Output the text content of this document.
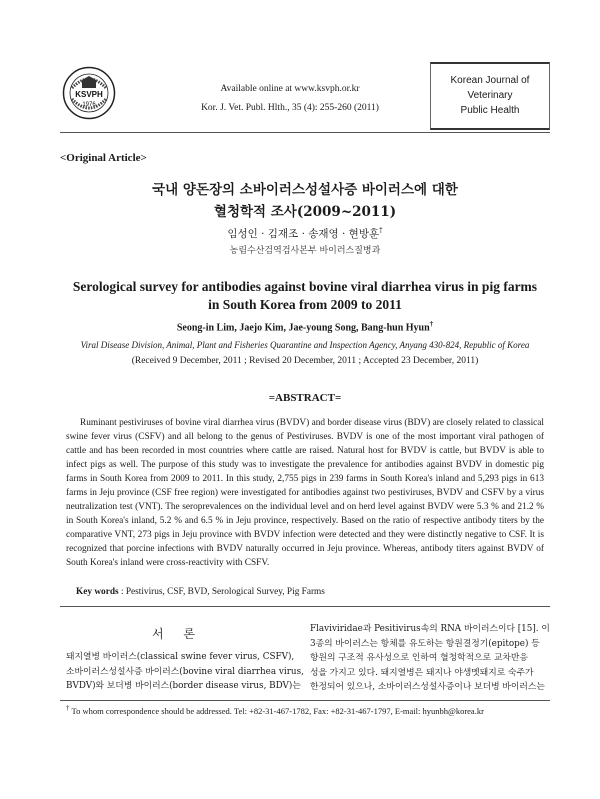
KSVPH
1976
Available online at www.ksvph.or.kr
Kor. J. Vet. Publ. Hlth., 35 (4): 255-260 (2011)
Korean Journal of
Veterinary
Public Health
<Original Article>
국내 양돈장의 소바이러스성설사증 바이러스에 대한
혈청학적 조사(2009~2011)
임성인 · 김재조 · 송재영 · 현방훈†
농림수산검역검사본부 바이러스질병과
Serological survey for antibodies against bovine viral diarrhea virus in pig farms
in South Korea from 2009 to 2011
Seong-in Lim, Jaejo Kim, Jae-young Song, Bang-hun Hyun†
Viral Disease Division, Animal, Plant and Fisheries Quarantine and Inspection Agency, Anyang 430-824, Republic of Korea
(Received 9 December, 2011 ; Revised 20 December, 2011 ; Accepted 23 December, 2011)
=ABSTRACT=
Ruminant pestiviruses of bovine viral diarrhea virus (BVDV) and border disease virus (BDV) are closely related to classical swine fever virus (CSFV) and all belong to the genus of Pestiviruses. BVDV is one of the most important viral pathogen of cattle and has been recorded in most countries where cattle are raised. Natural host for BVDV is cattle, but BVDV is able to infect pigs as well. The purpose of this study was to investigate the prevalence for antibodies against BVDV in domestic pig farms in South Korea from 2009 to 2011. In this study, 2,755 pigs in 239 farms in South Korea's inland and 5,293 pigs in 613 farms in Jeju province (CSF free region) were investigated for antibodies against two pestiviruses, BVDV and CSFV by a virus neutralization test (VNT). The seroprevalences on the individual level and on herd level against BVDV were 5.3 % and 21.2 % in South Korea's inland, 5.2 % and 6.5 % in Jeju province, respectively. Based on the ratio of respective antibody titers by the comparative VNT, 273 pigs in Jeju province with BVDV infection were detected and they were distinctly negative to CSF. It is recognized that porcine infections with BVDV naturally occurred in Jeju province. Whereas, antibody titers against BVDV of South Korea's inland were cross-reactivity with CSFV.
Key words : Pestivirus, CSF, BVD, Serological Survey, Pig Farms
서 론
돼지열병 바이러스(classical swine fever virus, CSFV),
소바이러스성설사증 바이러스(bovine viral diarrhea virus,
BVDV)와 보더병 바이러스(border disease virus, BDV)는
Flaviviridae과 Pesitivirus속의 RNA 바이러스이다 [15]. 이
3종의 바이러스는 항체를 유도하는 항원결정기(epitope) 등
항원의 구조적 유사성으로 인하여 혈청학적으로 교차반응
성을 가지고 있다. 돼지열병은 돼지나 야생멧돼지로 숙주가
한정되어 있으나, 소바이러스성설사증이나 보더병 바이러스는
† To whom correspondence should be addressed. Tel: +82-31-467-1782, Fax: +82-31-467-1797, E-mail: hyunbh@korea.kr
